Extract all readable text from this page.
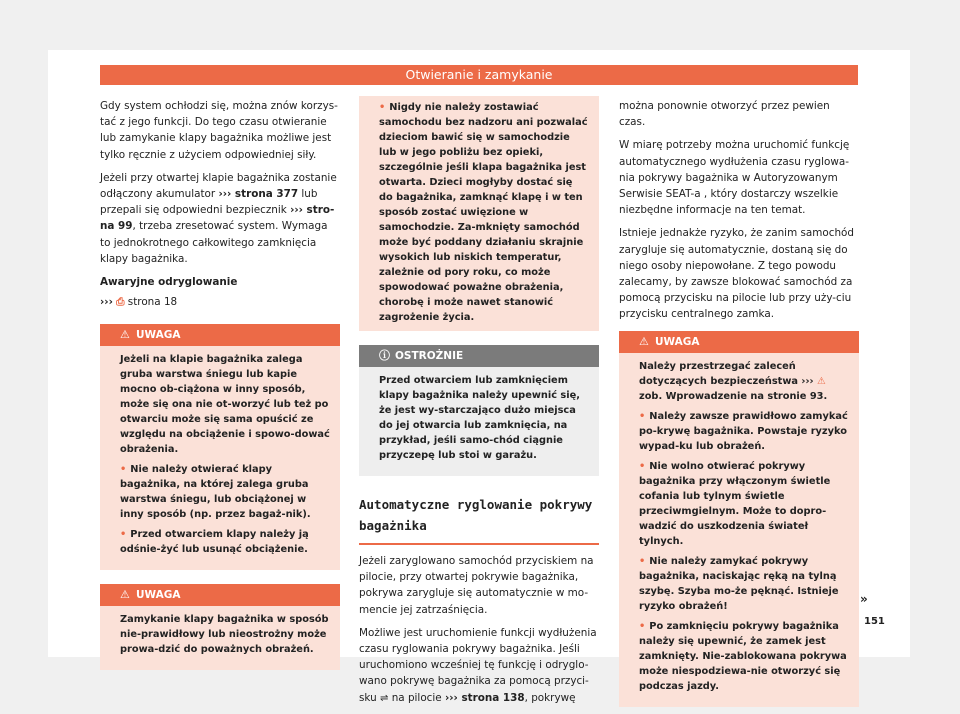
Otwieranie i zamykanie

Gdy system ochłodzi się, można znów korzys-tać z jego funkcji. Do tego czasu otwieranie lub zamykanie klapy bagażnika możliwe jest tylko ręcznie z użyciem odpowiedniej siły.

Jeżeli przy otwartej klapie bagażnika zostanie odłączony akumulator ››› strona 377 lub przepali się odpowiedni bezpiecznik ››› stro-na 99, trzeba zresetować system. Wymaga to jednokrotnego całkowitego zamknięcia klapy bagażnika.

Awaryjne odryglowanie

››› ⎙ strona 18

⚠ UWAGA

Jeżeli na klapie bagażnika zalega gruba warstwa śniegu lub kapie mocno ob-ciążona w inny sposób, może się ona nie ot-worzyć lub też po otwarciu może się sama opuścić ze względu na obciążenie i spowo-dować obrażenia.

• Nie należy otwierać klapy bagażnika, na której zalega gruba warstwa śniegu, lub obciążonej w inny sposób (np. przez bagaż-nik).

• Przed otwarciem klapy należy ją odśnie-żyć lub usunąć obciążenie.

⚠ UWAGA

Zamykanie klapy bagażnika w sposób nie-prawidłowy lub nieostrożny może prowa-dzić do poważnych obrażeń.

• Nigdy nie należy zostawiać samochodu bez nadzoru ani pozwalać dzieciom bawić się w samochodzie lub w jego pobliżu bez opieki, szczególnie jeśli klapa bagażnika jest otwarta. Dzieci mogłyby dostać się do bagażnika, zamknąć klapę i w ten sposób zostać uwięzione w samochodzie. Za-mknięty samochód może być poddany działaniu skrajnie wysokich lub niskich temperatur, zależnie od pory roku, co może spowodować poważne obrażenia, chorobę i może nawet stanowić zagrożenie życia.

ⓘ OSTROŻNIE

Przed otwarciem lub zamknięciem klapy bagażnika należy upewnić się, że jest wy-starczająco dużo miejsca do jej otwarcia lub zamknięcia, na przykład, jeśli samo-chód ciągnie przyczepę lub stoi w garażu.

Automatyczne ryglowanie pokrywy bagażnika

Jeżeli zaryglowano samochód przyciskiem na pilocie, przy otwartej pokrywie bagażnika, pokrywa zarygluje się automatycznie w mo-mencie jej zatrzaśnięcia.

Możliwe jest uruchomienie funkcji wydłużenia czasu ryglowania pokrywy bagażnika. Jeśli uruchomiono wcześniej tę funkcję i odryglo-wano pokrywę bagażnika za pomocą przyci-sku ⇌ na pilocie ››› strona 138, pokrywę

można ponownie otworzyć przez pewien czas.

W miarę potrzeby można uruchomić funkcję automatycznego wydłużenia czasu ryglowa-nia pokrywy bagażnika w Autoryzowanym Serwisie SEAT-a , który dostarczy wszelkie niezbędne informacje na ten temat.

Istnieje jednakże ryzyko, że zanim samochód zarygluje się automatycznie, dostaną się do niego osoby niepowołane. Z tego powodu zalecamy, by zawsze blokować samochód za pomocą przycisku na pilocie lub przy uży-ciu przycisku centralnego zamka.

⚠ UWAGA

Należy przestrzegać zaleceń dotyczących bezpieczeństwa ››› ⚠ zob. Wprowadzenie na stronie 93.

• Należy zawsze prawidłowo zamykać po-krywę bagażnika. Powstaje ryzyko wypad-ku lub obrażeń.

• Nie wolno otwierać pokrywy bagażnika przy włączonym świetle cofania lub tylnym świetle przeciwmgielnym. Może to dopro-wadzić do uszkodzenia świateł tylnych.

• Nie należy zamykać pokrywy bagażnika, naciskając ręką na tylną szybę. Szyba mo-że pęknąć. Istnieje ryzyko obrażeń!

• Po zamknięciu pokrywy bagażnika należy się upewnić, że zamek jest zamknięty. Nie-zablokowana pokrywa może niespodziewa-nie otworzyć się podczas jazdy.

»
151
